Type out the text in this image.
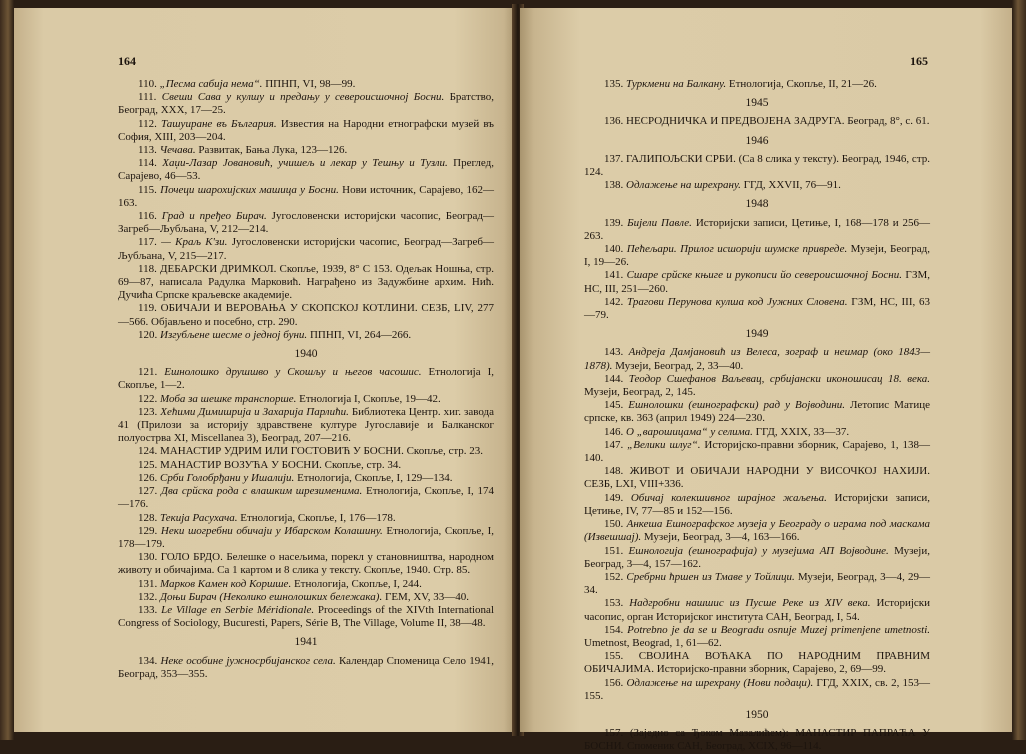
164

110. „Песма сабија нема“. ППНП, VI, 98—99.

111. Свеши Сава у кулшу и предању у североисшочној Босни. Братство, Београд, XXX, 17—25.

112. Ташуиране въ България. Известия на Народни етнографски музей въ София, XIII, 203—204.

113. Чечава. Развитак, Бања Лука, 123—126.

114. Хаџи-Лазар Јовановић, учишељ и лекар у Тешњу и Тузли. Преглед, Сарајево, 46—53.

115. Почеци шарохијских машица у Босни. Нови источник, Сарајево, 162—163.

116. Град и пређео Бирач. Југословенски историјски часопис, Београд—Загреб—Љубљана, V, 212—214.

117. — Краљ К'зи. Југословенски историјски часопис, Београд—Загреб—Љубљана, V, 215—217.

118. ДЕБАРСКИ ДРИМКОЛ. Скопље, 1939, 8° С 153. Одељак Ношња, стр. 69—87, написала Радулка Марковић. Награђено из Задужбине архим. Нић. Дучића Српске краљевске академије.

119. ОБИЧАЈИ И ВЕРОВАЊА У СКОПСКОЈ КОТЛИНИ. СЕЗБ, LIV, 277—566. Објављено и посебно, стр. 290.

120. Изгубљене шесме о једној буни. ППНП, VI, 264—266.

1940

121. Ешнолошко друшшво у Скошљу и његов часошис. Етнологија I, Скопље, 1—2.

122. Моба за шешке транспорше. Етнологија I, Скопље, 19—42.

123. Хећими Димишрија и Захарија Парлићи. Библиотека Центр. хиг. завода 41 (Прилози за историју здравствене културе Југославије и Балканског полуострва XI, Miscellanea 3), Београд, 207—216.

124. МАНАСТИР УДРИМ ИЛИ ГОСТОВИЋ У БОСНИ. Скопље, стр. 23.

125. МАНАСТИР ВОЗУЋА У БОСНИ. Скопље, стр. 34.

126. Срби Голобрђани у Ишалији. Етнологија, Скопље, I, 129—134.

127. Два срйска рода с влашким шрезименима. Етнологија, Скопље, I, 174—176.

128. Текија Расухача. Етнологија, Скопље, I, 176—178.

129. Неки шогребни обичаји у Ибарском Колашину. Етнологија, Скопље, I, 178—179.

130. ГОЛО БРДО. Белешке о насељима, порекл у становништва, народном животу и обичајима. Са 1 картом и 8 слика у тексту. Скопље, 1940. Стр. 85.

131. Марков Камен код Коршше. Етнологија, Скопље, I, 244.

132. Доњи Бирач (Неколико ешнолошких бележака). ГЕМ, XV, 33—40.

133. Le Village en Serbie Méridionale. Proceedings of the XIVth International Congress of Sociology, Bucuresti, Papers, Série B, The Village, Volume II, 38—48.

1941

134. Неке особине јужносрбијанског села. Календар Споменица Село 1941, Београд, 353—355.

165

135. Туркмени на Балкану. Етнологија, Скопље, II, 21—26.

1945

136. НЕСРОДНИЧКА И ПРЕДВОЈЕНА ЗАДРУГА. Београд, 8°, с. 61.

1946

137. ГАЛИПОЉСКИ СРБИ. (Са 8 слика у тексту). Београд, 1946, стр. 124.

138. Одлажење на шрехрану. ГГД, XXVII, 76—91.

1948

139. Бијели Павле. Историјски записи, Цетиње, I, 168—178 и 256—263.

140. Пећељари. Прилог исшорији шумске привреде. Музеји, Београд, I, 19—26.

141. Сшаре срйске књиге и рукописи йо североисшочној Босни. ГЗМ, НС, III, 251—260.

142. Трагови Перунова кулша код Јужних Словена. ГЗМ, НС, III, 63—79.

1949

143. Андреја Дамјановић из Велеса, зограф и неимар (око 1843—1878). Музеји, Београд, 2, 33—40.

144. Теодор Сшефанов Ваљевац, србијански иконошисац 18. века. Музеји, Београд, 2, 145.

145. Ешнолошки (ешнографски) рад у Војводини. Летопис Матице српске, кв. 363 (април 1949) 224—230.

146. О „варошицама“ у селима. ГГД, XXIX, 33—37.

147. „Велики шлуг“. Историјско-правни зборник, Сарајево, 1, 138—140.

148. ЖИВОТ И ОБИЧАЈИ НАРОДНИ У ВИСОЧКОЈ НАХИЈИ. СЕЗБ, LXI, VIII+336.

149. Обичај колекшивног шрајног жаљења. Историјски записи, Цетиње, IV, 77—85 и 152—156.

150. Анкеша Ешнографског музеја у Београду о играма под маскама (Извешшај). Музеји, Београд, 3—4, 163—166.

151. Ешнологија (ешнографија) у музејима АП Војводине. Музеји, Београд, 3—4, 157—162.

152. Сребрни ћршен из Тмаве у Тойлици. Музеји, Београд, 3—4, 29—34.

153. Надгробни нашшис из Пусше Реке из XIV века. Историјски часопис, орган Историјског института САН, Београд, I, 54.

154. Potrebno je da se u Beogradu osnuje Muzej primenjene umetnosti. Umetnost, Beograd, 1, 61—62.

155. СВОЈИНА ВОЋАКА ПО НАРОДНИМ ПРАВНИМ ОБИЧАЈИМА. Историјско-правни зборник, Сарајево, 2, 69—99.

156. Одлажење на шрехрану (Нови подаци). ГГД, XXIX, св. 2, 153—155.

1950

157. (Заједно са Ђоком Мазалићем): МАНАСТИР ПАПРАЋА У БОСНИ. Споменик САН, Београд, XCIX, 96—114.
